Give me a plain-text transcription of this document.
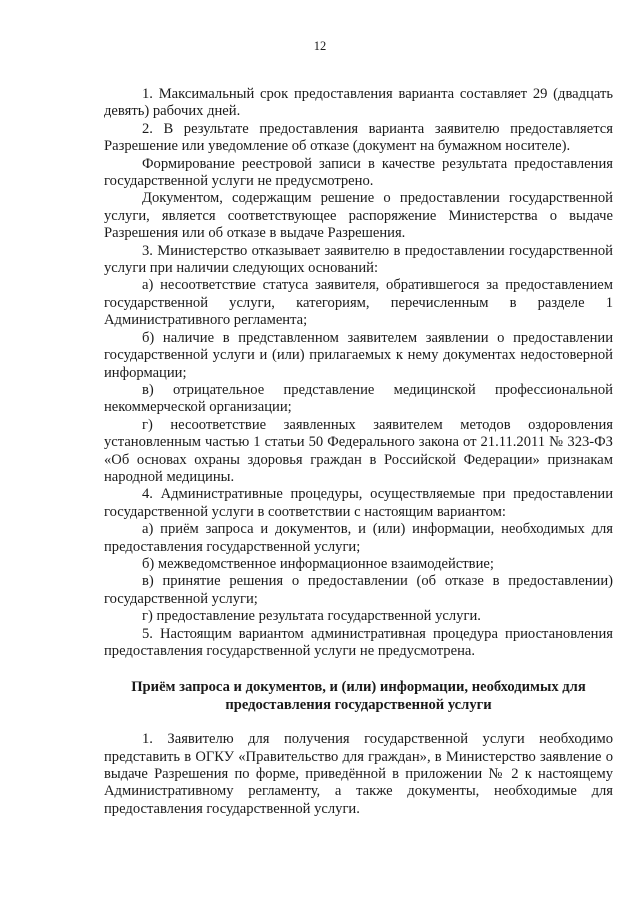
12

1. Максимальный срок предоставления варианта составляет 29 (двадцать девять) рабочих дней.

2. В результате предоставления варианта заявителю предоставляется Разрешение или уведомление об отказе (документ на бумажном носителе).

Формирование реестровой записи в качестве результата предоставления государственной услуги не предусмотрено.

Документом, содержащим решение о предоставлении государственной услуги, является соответствующее распоряжение Министерства о выдаче Разрешения или об отказе в выдаче Разрешения.

3. Министерство отказывает заявителю в предоставлении государственной услуги при наличии следующих оснований:

а) несоответствие статуса заявителя, обратившегося за предоставлением государственной услуги, категориям, перечисленным в разделе 1 Административного регламента;

б) наличие в представленном заявителем заявлении о предоставлении государственной услуги и (или) прилагаемых к нему документах недостоверной информации;

в) отрицательное представление медицинской профессиональной некоммерческой организации;

г) несоответствие заявленных заявителем методов оздоровления установленным частью 1 статьи 50 Федерального закона от 21.11.2011 № 323-ФЗ «Об основах охраны здоровья граждан в Российской Федерации» признакам народной медицины.

4. Административные процедуры, осуществляемые при предоставлении государственной услуги в соответствии с настоящим вариантом:

а) приём запроса и документов, и (или) информации, необходимых для предоставления государственной услуги;

б) межведомственное информационное взаимодействие;

в) принятие решения о предоставлении (об отказе в предоставлении) государственной услуги;

г) предоставление результата государственной услуги.

5. Настоящим вариантом административная процедура приостановления предоставления государственной услуги не предусмотрена.

Приём запроса и документов, и (или) информации, необходимых для
предоставления государственной услуги

1. Заявителю для получения государственной услуги необходимо представить в ОГКУ «Правительство для граждан», в Министерство заявление о выдаче Разрешения по форме, приведённой в приложении № 2 к настоящему Административному регламенту, а также документы, необходимые для предоставления государственной услуги.
